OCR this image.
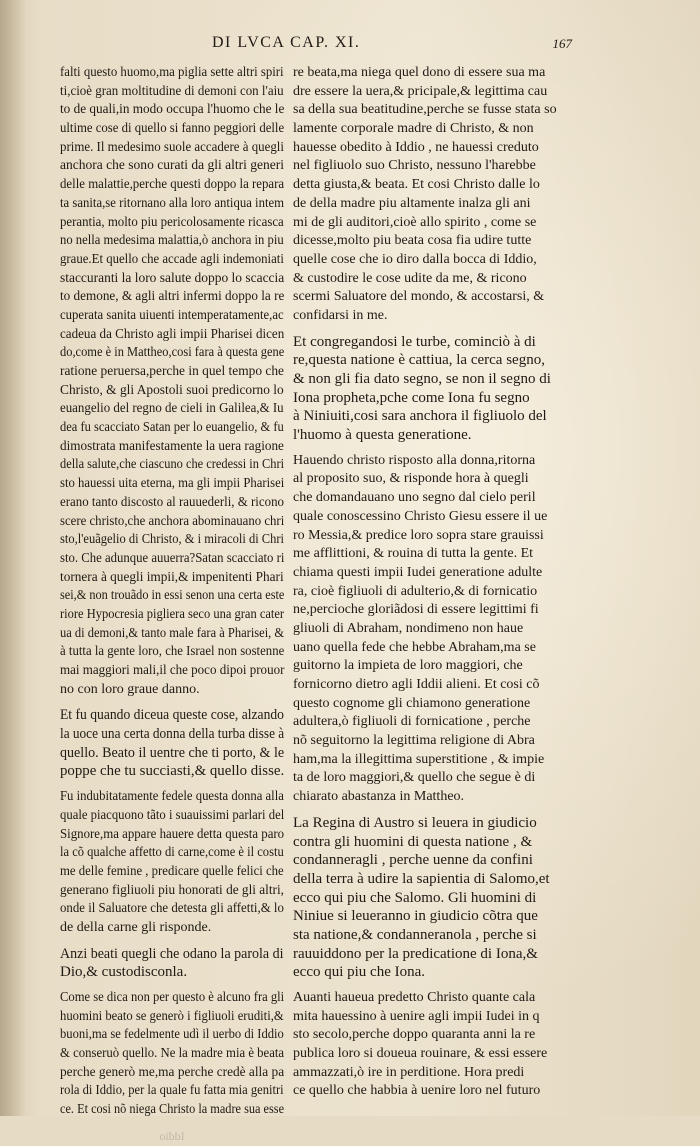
DI LVCA CAP. XI.	167
falti questo huomo,ma piglia sette altri spiri
ti,cioè gran moltitudine di demoni con l'aiu
to de quali,in modo occupa l'huomo che le
ultime cose di quello si fanno peggiori delle
prime. Il medesimo suole accadere à quegli
anchora che sono curati da gli altri generi
delle malattie,perche questi doppo la repara
ta sanita,se ritornano alla loro antiqua intem
perantia, molto piu pericolosamente ricasca
no nella medesima malattia,ò anchora in piu
graue.Et quello che accade agli indemoniati
staccuranti la loro salute doppo lo scaccia
to demone, & agli altri infermi doppo la re
cuperata sanita uiuenti intemperatamente,ac
cadeua da Christo agli impii Pharisei dicen
do,come è in Mattheo,cosi fara à questa gene
ratione peruersa,perche in quel tempo che
Christo, & gli Apostoli suoi predicorno lo
euangelio del regno de cieli in Galilea,& Iu
dea fu scacciato Satan per lo euangelio, & fu
dimostrata manifestamente la uera ragione
della salute,che ciascuno che credessi in Chri
sto hauessi uita eterna, ma gli impii Pharisei
erano tanto discosto al rauuederli, & ricono
scere christo,che anchora abominauano chri
sto,l'euãgelio di Christo, & i miracoli di Chri
sto. Che adunque auuerra?Satan scacciato ri
tornera à quegli impii,& impenitenti Phari
sei,& non trouãdo in essi senon una certa este
riore Hypocresia pigliera seco una gran cater
ua di demoni,& tanto male fara à Pharisei, &
à tutta la gente loro, che Israel non sostenne
mai maggiori mali,il che poco dipoi prouor
no con loro graue danno.
Et fu quando diceua queste cose, alzando
la uoce una certa donna della turba disse à
quello. Beato il uentre che ti porto, & le
poppe che tu succiasti,& quello disse.
Fu indubitatamente fedele questa donna alla
quale piacquono tãto i suauissimi parlari del
Signore,ma appare hauere detta questa paro
la cõ qualche affetto di carne,come è il costu
me delle femine , predicare quelle felici che
generano figliuoli piu honorati de gli altri,
onde il Saluatore che detesta gli affetti,& lo
de della carne gli risponde.
Anzi beati quegli che odano la parola di
Dio,& custodisconla.
Come se dica non per questo è alcuno fra gli
huomini beato se generò i figliuoli eruditi,&
buoni,ma se fedelmente udì il uerbo di Iddio
& conseruò quello. Ne la madre mia è beata
perche generò me,ma perche credè alla pa
rola di Iddio, per la quale fu fatta mia genitri
ce. Et cosi nõ niega Christo la madre sua esse
Iddio
re beata,ma niega quel dono di essere sua ma
dre essere la uera,& pricipale,& legittima cau
sa della sua beatitudine,perche se fusse stata so
lamente corporale madre di Christo, & non
hauesse obedito à Iddio , ne hauessi creduto
nel figliuolo suo Christo, nessuno l'harebbe
detta giusta,& beata. Et cosi Christo dalle lo
de della madre piu altamente inalza gli ani
mi de gli auditori,cioè allo spirito , come se
dicesse,molto piu beata cosa fia udire tutte
quelle cose che io diro dalla bocca di Iddio,
& custodire le cose udite da me, & ricono
scermi Saluatore del mondo, & accostarsi, &
confidarsi in me.
Et congregandosi le turbe, cominciò à di
re,questa natione è cattiua, la cerca segno,
& non gli fia dato segno, se non il segno di
Iona propheta,pche come Iona fu segno
à Niniuiti,cosi sara anchora il figliuolo del
l'huomo à questa generatione.
Hauendo christo risposto alla donna,ritorna
al proposito suo, & risponde hora à quegli
che domandauano uno segno dal cielo peril
quale conoscessino Christo Giesu essere il ue
ro Messia,& predice loro sopra stare grauissi
me afflittioni, & rouina di tutta la gente. Et
chiama questi impii Iudei generatione adulte
ra, cioè figliuoli di adulterio,& di fornicatio
ne,percioche gloriãdosi di essere legittimi fi
gliuoli di Abraham, nondimeno non haue
uano quella fede che hebbe Abraham,ma se
guitorno la impieta de loro maggiori, che
fornicorno dietro agli Iddii alieni. Et cosi cõ
questo cognome gli chiamono generatione
adultera,ò figliuoli di fornicatione , perche
nõ seguitorno la legittima religione di Abra
ham,ma la illegittima superstitione , & impie
ta de loro maggiori,& quello che segue è di
chiarato abastanza in Mattheo.
La Regina di Austro si leuera in giudicio
contra gli huomini di questa natione , &
condanneragli , perche uenne da confini
della terra à udire la sapientia di Salomo,et
ecco qui piu che Salomo. Gli huomini di
Niniue si leueranno in giudicio cõtra que
sta natione,& condanneranola , perche si
rauuiddono per la predicatione di Iona,&
ecco qui piu che Iona.
Auanti haueua predetto Christo quante cala
mita hauessino à uenire agli impii Iudei in q
sto secolo,perche doppo quaranta anni la re
publica loro si doueua rouinare, & essi essere
ammazzati,ò ire in perditione. Hora predi
ce quello che habbia à uenire loro nel futuro
